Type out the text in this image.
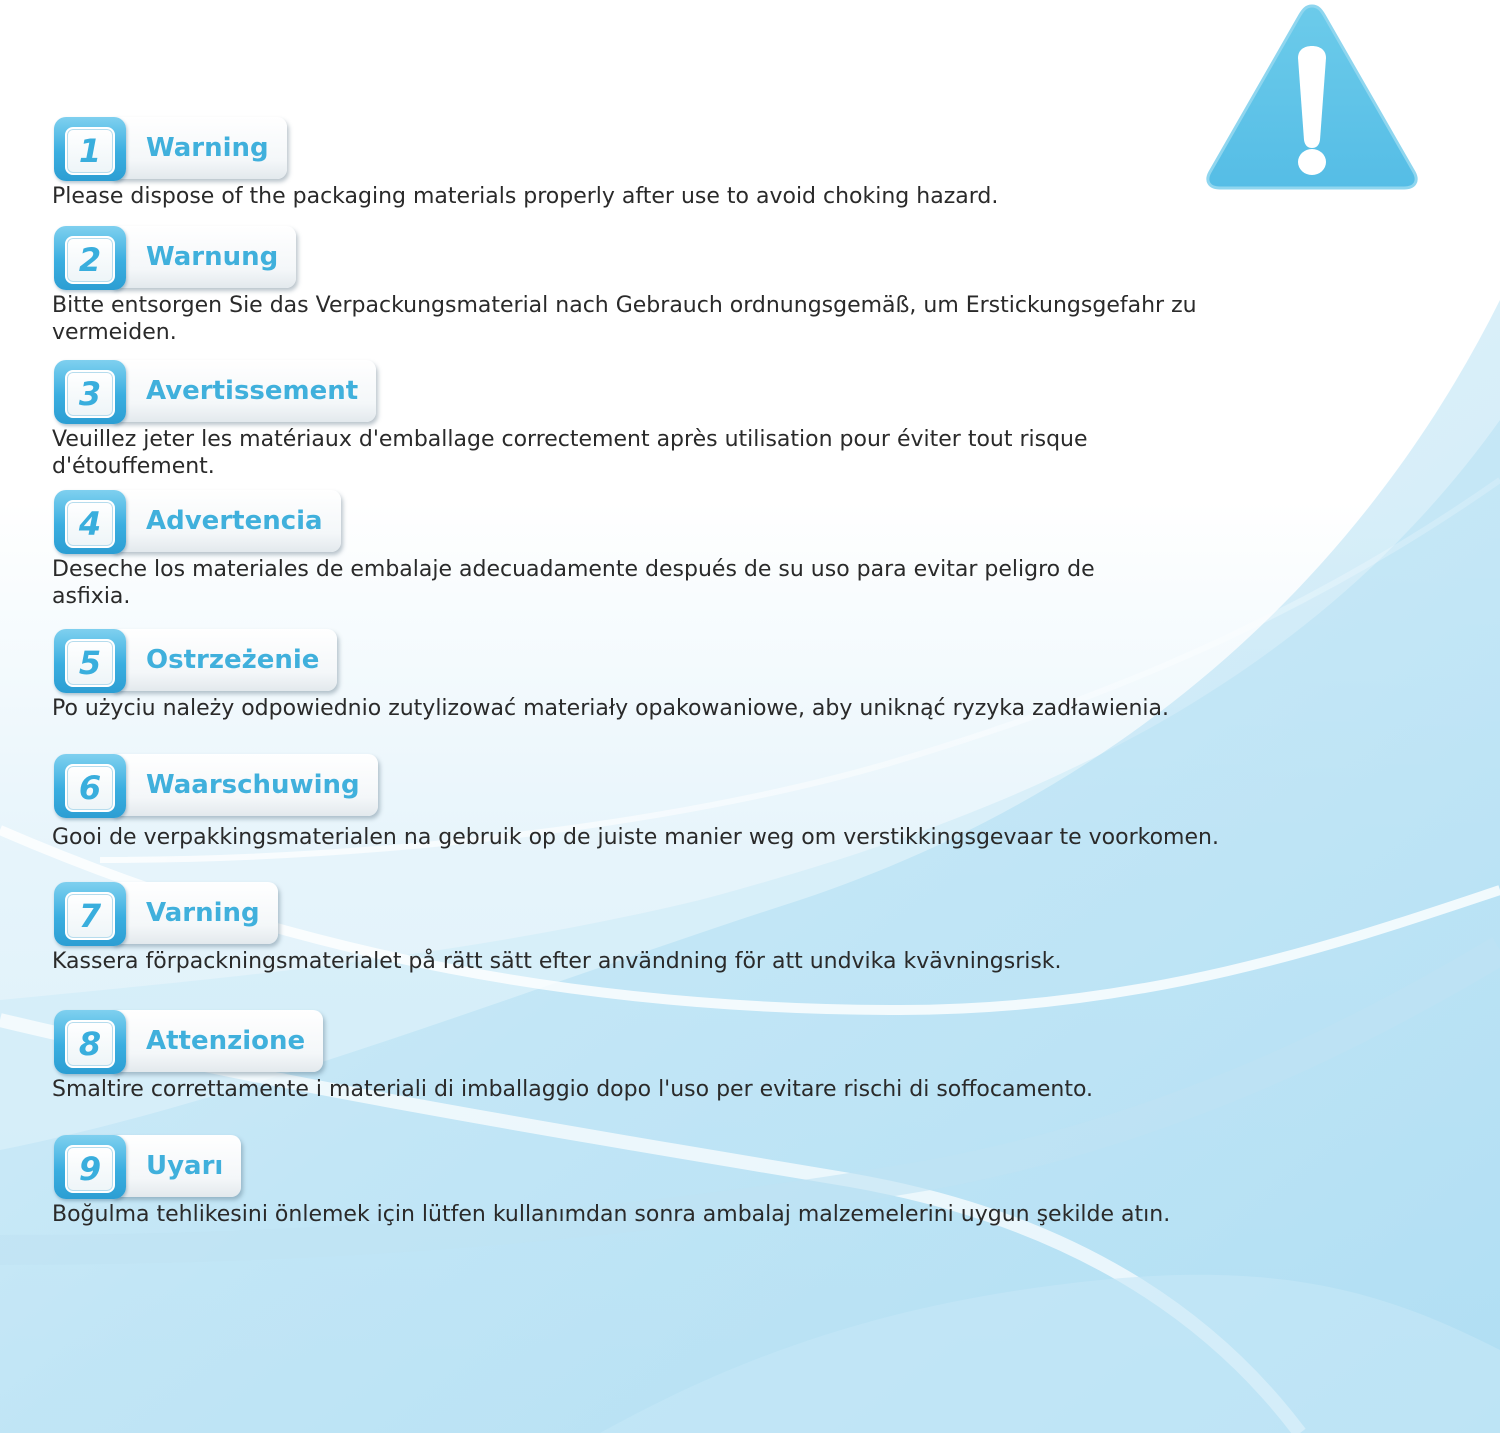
1	Warning
Please dispose of the packaging materials properly after use to avoid choking hazard.
2	Warnung
Bitte entsorgen Sie das Verpackungsmaterial nach Gebrauch ordnungsgemäß, um Erstickungsgefahr zu vermeiden.
3	Avertissement
Veuillez jeter les matériaux d'emballage correctement après utilisation pour éviter tout risque d'étouffement.
4	Advertencia
Deseche los materiales de embalaje adecuadamente después de su uso para evitar peligro de asfixia.
5	Ostrzeżenie
Po użyciu należy odpowiednio zutylizować materiały opakowaniowe, aby uniknąć ryzyka zadławienia.
6	Waarschuwing
Gooi de verpakkingsmaterialen na gebruik op de juiste manier weg om verstikkingsgevaar te voorkomen.
7	Varning
Kassera förpackningsmaterialet på rätt sätt efter användning för att undvika kvävningsrisk.
8	Attenzione
Smaltire correttamente i materiali di imballaggio dopo l'uso per evitare rischi di soffocamento.
9	Uyarı
Boğulma tehlikesini önlemek için lütfen kullanımdan sonra ambalaj malzemelerini uygun şekilde atın.
